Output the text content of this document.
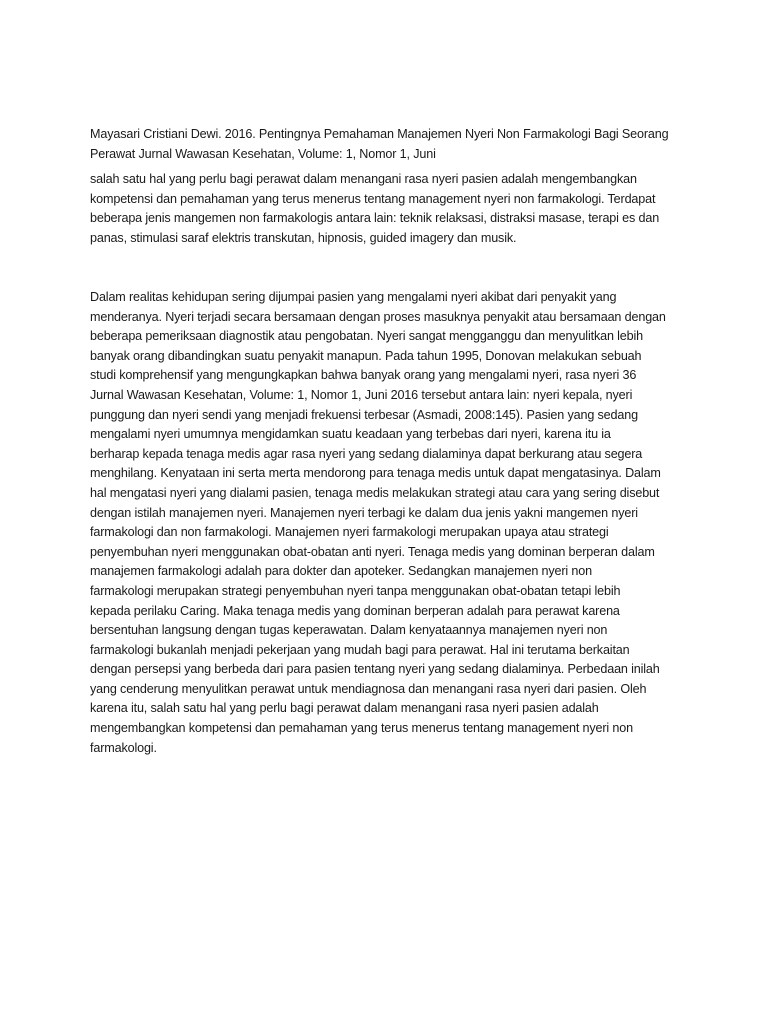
Mayasari Cristiani Dewi. 2016. Pentingnya Pemahaman Manajemen Nyeri Non Farmakologi Bagi Seorang
Perawat Jurnal Wawasan Kesehatan, Volume: 1, Nomor 1, Juni

salah satu hal yang perlu bagi perawat dalam menangani rasa nyeri pasien adalah mengembangkan
kompetensi dan pemahaman yang terus menerus tentang management nyeri non farmakologi. Terdapat
beberapa jenis mangemen non farmakologis antara lain: teknik relaksasi, distraksi masase, terapi es dan
panas, stimulasi saraf elektris transkutan, hipnosis, guided imagery dan musik.

Dalam realitas kehidupan sering dijumpai pasien yang mengalami nyeri akibat dari penyakit yang
menderanya. Nyeri terjadi secara bersamaan dengan proses masuknya penyakit atau bersamaan dengan
beberapa pemeriksaan diagnostik atau pengobatan. Nyeri sangat mengganggu dan menyulitkan lebih
banyak orang dibandingkan suatu penyakit manapun. Pada tahun 1995, Donovan melakukan sebuah
studi komprehensif yang mengungkapkan bahwa banyak orang yang mengalami nyeri, rasa nyeri 36
Jurnal Wawasan Kesehatan, Volume: 1, Nomor 1, Juni 2016 tersebut antara lain: nyeri kepala, nyeri
punggung dan nyeri sendi yang menjadi frekuensi terbesar (Asmadi, 2008:145). Pasien yang sedang
mengalami nyeri umumnya mengidamkan suatu keadaan yang terbebas dari nyeri, karena itu ia
berharap kepada tenaga medis agar rasa nyeri yang sedang dialaminya dapat berkurang atau segera
menghilang. Kenyataan ini serta merta mendorong para tenaga medis untuk dapat mengatasinya. Dalam
hal mengatasi nyeri yang dialami pasien, tenaga medis melakukan strategi atau cara yang sering disebut
dengan istilah manajemen nyeri. Manajemen nyeri terbagi ke dalam dua jenis yakni mangemen nyeri
farmakologi dan non farmakologi. Manajemen nyeri farmakologi merupakan upaya atau strategi
penyembuhan nyeri menggunakan obat-obatan anti nyeri. Tenaga medis yang dominan berperan dalam
manajemen farmakologi adalah para dokter dan apoteker. Sedangkan manajemen nyeri non
farmakologi merupakan strategi penyembuhan nyeri tanpa menggunakan obat-obatan tetapi lebih
kepada perilaku Caring. Maka tenaga medis yang dominan berperan adalah para perawat karena
bersentuhan langsung dengan tugas keperawatan. Dalam kenyataannya manajemen nyeri non
farmakologi bukanlah menjadi pekerjaan yang mudah bagi para perawat. Hal ini terutama berkaitan
dengan persepsi yang berbeda dari para pasien tentang nyeri yang sedang dialaminya. Perbedaan inilah
yang cenderung menyulitkan perawat untuk mendiagnosa dan menangani rasa nyeri dari pasien. Oleh
karena itu, salah satu hal yang perlu bagi perawat dalam menangani rasa nyeri pasien adalah
mengembangkan kompetensi dan pemahaman yang terus menerus tentang management nyeri non
farmakologi.
